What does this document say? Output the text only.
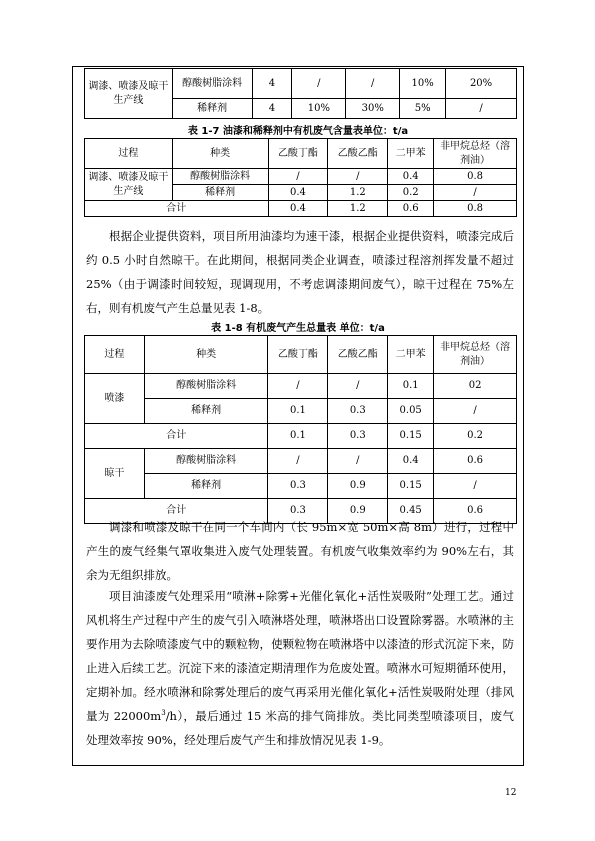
调漆、喷漆及晾干生产线	醇酸树脂涂料	4	/	/	10%	20%
	稀释剂	4	10%	30%	5%	/
表 1-7 油漆和稀释剂中有机废气含量表单位：t/a
过程	种类	乙酸丁酯	乙酸乙酯	二甲苯	非甲烷总烃（溶剂油）
调漆、喷漆及晾干生产线	醇酸树脂涂料	/	/	0.4	0.8
	稀释剂	0.4	1.2	0.2	/
合计		0.4	1.2	0.6	0.8

根据企业提供资料，项目所用油漆均为速干漆，根据企业提供资料，喷漆完成后约 0.5 小时自然晾干。在此期间，根据同类企业调查，喷漆过程溶剂挥发量不超过 25%（由于调漆时间较短，现调现用，不考虑调漆期间废气），晾干过程在 75%左右，则有机废气产生总量见表 1-8。

表 1-8 有机废气产生总量表 单位：t/a
过程	种类	乙酸丁酯	乙酸乙酯	二甲苯	非甲烷总烃（溶剂油）
喷漆	醇酸树脂涂料	/	/	0.1	02
	稀释剂	0.1	0.3	0.05	/
合计		0.1	0.3	0.15	0.2
晾干	醇酸树脂涂料	/	/	0.4	0.6
	稀释剂	0.3	0.9	0.15	/
合计		0.3	0.9	0.45	0.6

调漆和喷漆及晾干在同一个车间内（长 95m×宽 50m×高 8m）进行，过程中产生的废气经集气罩收集进入废气处理装置。有机废气收集效率约为 90%左右，其余为无组织排放。

项目油漆废气处理采用“喷淋+除雾+光催化氧化+活性炭吸附”处理工艺。通过风机将生产过程中产生的废气引入喷淋塔处理，喷淋塔出口设置除雾器。水喷淋的主要作用为去除喷漆废气中的颗粒物，使颗粒物在喷淋塔中以漆渣的形式沉淀下来，防止进入后续工艺。沉淀下来的漆渣定期清理作为危废处置。喷淋水可短期循环使用，定期补加。经水喷淋和除雾处理后的废气再采用光催化氧化+活性炭吸附处理（排风量为 $22000m^3/h$），最后通过 15 米高的排气筒排放。类比同类型喷漆项目，废气处理效率按 90%，经处理后废气产生和排放情况见表 1-9。

12
